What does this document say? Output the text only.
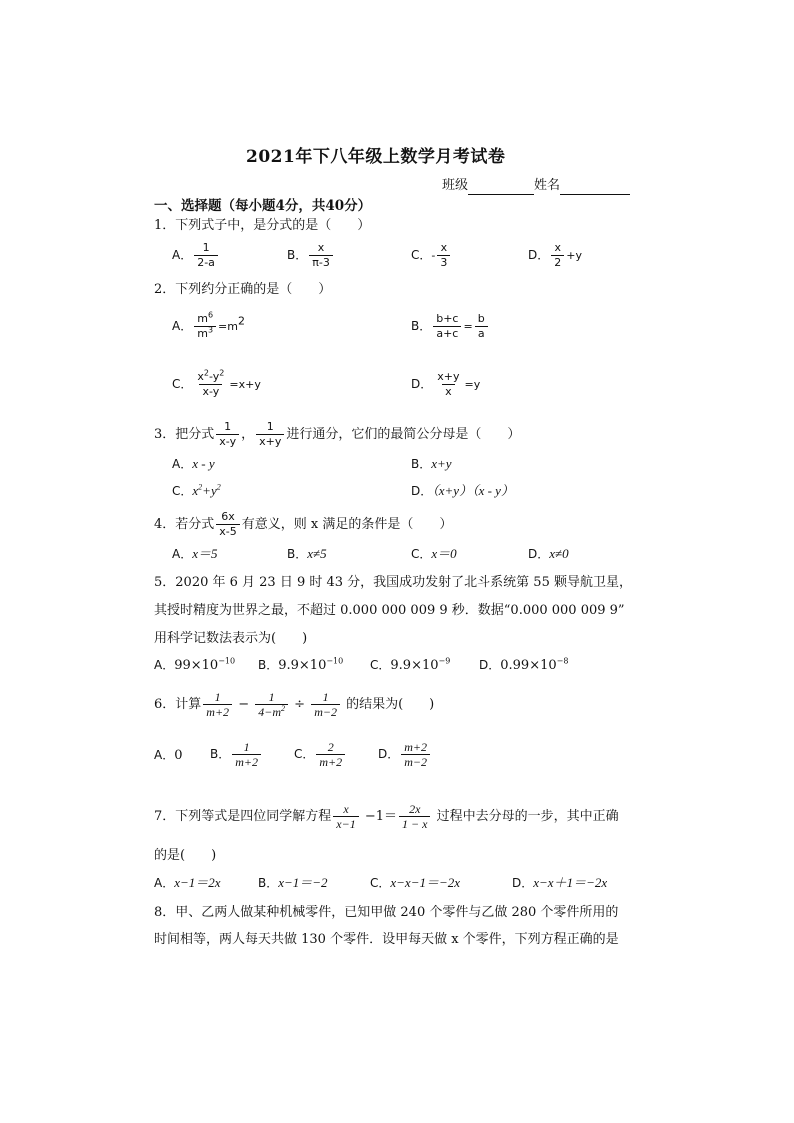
2021年下八年级上数学月考试卷
班级	姓名
一、选择题（每小题4分，共40分）
1．下列式子中，是分式的是（　　）
A． $\frac{1}{2-a}$	B． $\frac{x}{\pi-3}$	C．- $\frac{x}{3}$	D． $\frac{x}{2} +y$
2．下列约分正确的是（　　）
A． $\frac{m^6}{m^3} =m^2$	B． $\frac{b+c}{a+c} = \frac{b}{a}$
C． $\frac{x^2-y^2}{x-y} =x+y$	D． $\frac{x+y}{x} =y$
3．把分式 $\frac{1}{x-y}$ ， $\frac{1}{x+y}$ 进行通分，它们的最简公分母是（　　）
A．x - y	B．x+y
C．$x^2+y^2$	D．（x+y）（x - y）
4．若分式 $\frac{6x}{x-5}$ 有意义，则 x 满足的条件是（　　）
A．x＝5	B．x≠5	C．x＝0	D．x≠0
5．2020 年 6 月 23 日 9 时 43 分，我国成功发射了北斗系统第 55 颗导航卫星，
其授时精度为世界之最，不超过 0.000 000 009 9 秒．数据“0.000 000 009 9”
用科学记数法表示为(　　)
A．$99\times 10^{-10}$ B．$9.9\times 10^{-10}$ C．$9.9\times 10^{-9}$ D．$0.99\times 10^{-8}$
6．计算 $\frac{1}{m+2} - \frac{1}{4-m^2} \div \frac{1}{m-2}$ 的结果为(　　)
A．0 B． $\frac{1}{m+2}$	C． $\frac{2}{m+2}$	D． $\frac{m+2}{m-2}$
7．下列等式是四位同学解方程 $\frac{x}{x-1} -1= \frac{2x}{1 - x}$ 过程中去分母的一步，其中正确
的是(　　)
A．x−1＝2x	B．x−1＝−2	C．x−x−1＝−2x	D．x−x＋1＝−2x
8．甲、乙两人做某种机械零件，已知甲做 240 个零件与乙做 280 个零件所用的
时间相等，两人每天共做 130 个零件．设甲每天做 x 个零件，下列方程正确的是
